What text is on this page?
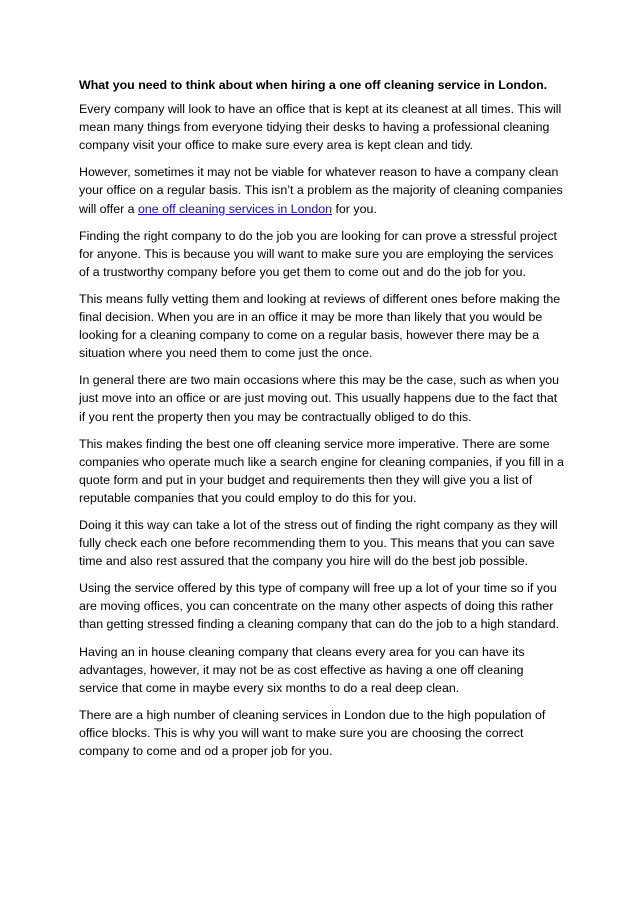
What you need to think about when hiring a one off cleaning service in London.

Every company will look to have an office that is kept at its cleanest at all times. This will mean many things from everyone tidying their desks to having a professional cleaning company visit your office to make sure every area is kept clean and tidy.

However, sometimes it may not be viable for whatever reason to have a company clean your office on a regular basis. This isn’t a problem as the majority of cleaning companies will offer a one off cleaning services in London for you.

Finding the right company to do the job you are looking for can prove a stressful project for anyone. This is because you will want to make sure you are employing the services of a trustworthy company before you get them to come out and do the job for you.

This means fully vetting them and looking at reviews of different ones before making the final decision. When you are in an office it may be more than likely that you would be looking for a cleaning company to come on a regular basis, however there may be a situation where you need them to come just the once.

In general there are two main occasions where this may be the case, such as when you just move into an office or are just moving out. This usually happens due to the fact that if you rent the property then you may be contractually obliged to do this.

This makes finding the best one off cleaning service more imperative. There are some companies who operate much like a search engine for cleaning companies, if you fill in a quote form and put in your budget and requirements then they will give you a list of reputable companies that you could employ to do this for you.

Doing it this way can take a lot of the stress out of finding the right company as they will fully check each one before recommending them to you. This means that you can save time and also rest assured that the company you hire will do the best job possible.

Using the service offered by this type of company will free up a lot of your time so if you are moving offices, you can concentrate on the many other aspects of doing this rather than getting stressed finding a cleaning company that can do the job to a high standard.

Having an in house cleaning company that cleans every area for you can have its advantages, however, it may not be as cost effective as having a one off cleaning service that come in maybe every six months to do a real deep clean.

There are a high number of cleaning services in London due to the high population of office blocks. This is why you will want to make sure you are choosing the correct company to come and od a proper job for you.
